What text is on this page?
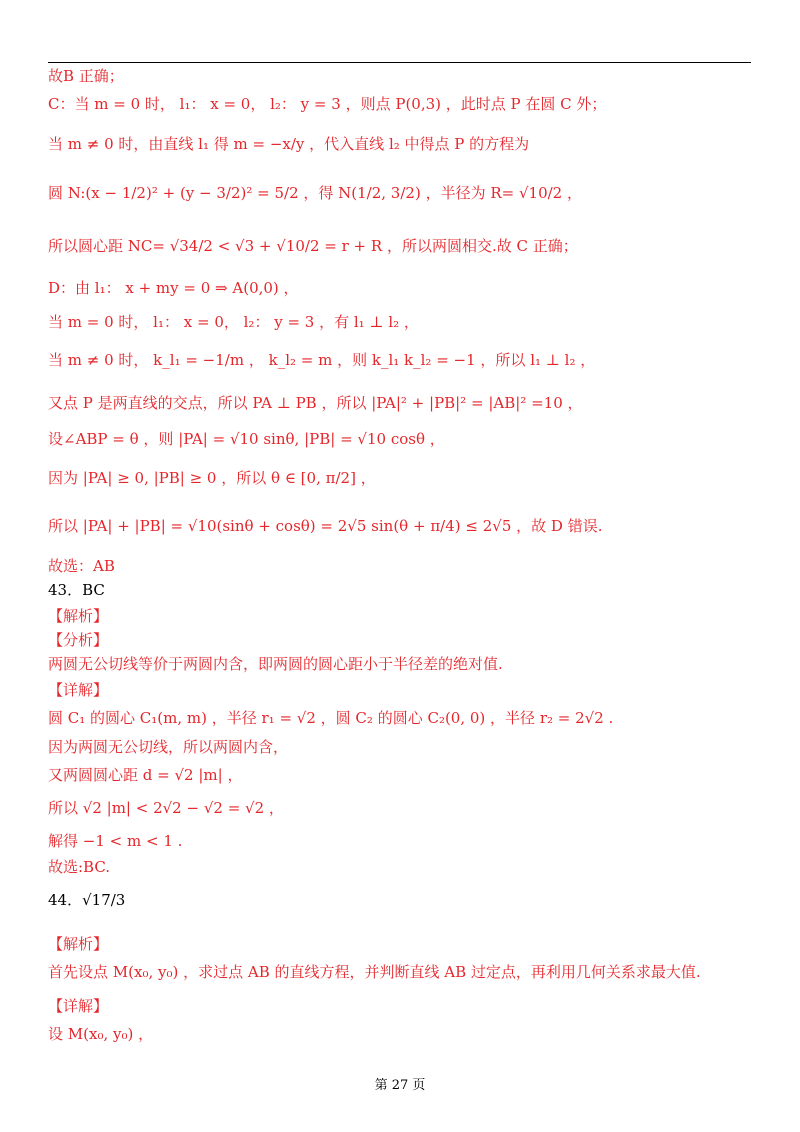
故B 正确；
C：当 m = 0 时， l₁： x = 0， l₂： y = 3 ，则点 P(0,3) ，此时点 P 在圆 C 外；
当 m ≠ 0 时，由直线 l₁ 得 m = −x/y ，代入直线 l₂ 中得点 P 的方程为
圆 N:(x − 1/2)² + (y − 3/2)² = 5/2 ，得 N(1/2, 3/2) ，半径为 R= √10/2 ，
所以圆心距 NC= √34/2 < √3 + √10/2 = r + R ，所以两圆相交.故 C 正确；
D：由 l₁： x + my = 0 ⇒ A(0,0) ，
当 m = 0 时， l₁： x = 0， l₂： y = 3 ，有 l₁ ⊥ l₂ ，
当 m ≠ 0 时， k_l₁ = −1/m ， k_l₂ = m ，则 k_l₁ k_l₂ = −1 ，所以 l₁ ⊥ l₂ ，
又点 P 是两直线的交点，所以 PA ⊥ PB ，所以 |PA|² + |PB|² = |AB|² =10 ，
设∠ABP = θ ，则 |PA| = √10 sinθ, |PB| = √10 cosθ ，
因为 |PA| ≥ 0, |PB| ≥ 0 ，所以 θ ∈ [0, π/2] ，
所以 |PA| + |PB| = √10(sinθ + cosθ) = 2√5 sin(θ + π/4) ≤ 2√5 ，故 D 错误.
故选：AB
43．BC
【解析】
【分析】
两圆无公切线等价于两圆内含，即两圆的圆心距小于半径差的绝对值.
【详解】
圆 C₁ 的圆心 C₁(m, m) ，半径 r₁ = √2 ，圆 C₂ 的圆心 C₂(0, 0) ，半径 r₂ = 2√2 .
因为两圆无公切线，所以两圆内含，
又两圆圆心距 d = √2 |m| ，
所以 √2 |m| < 2√2 − √2 = √2 ，
解得 −1 < m < 1 .
故选:BC.
44．√17/3
【解析】
首先设点 M(x₀, y₀) ，求过点 AB 的直线方程，并判断直线 AB 过定点，再利用几何关系求最大值.
【详解】
设 M(x₀, y₀) ，
第 27 页
